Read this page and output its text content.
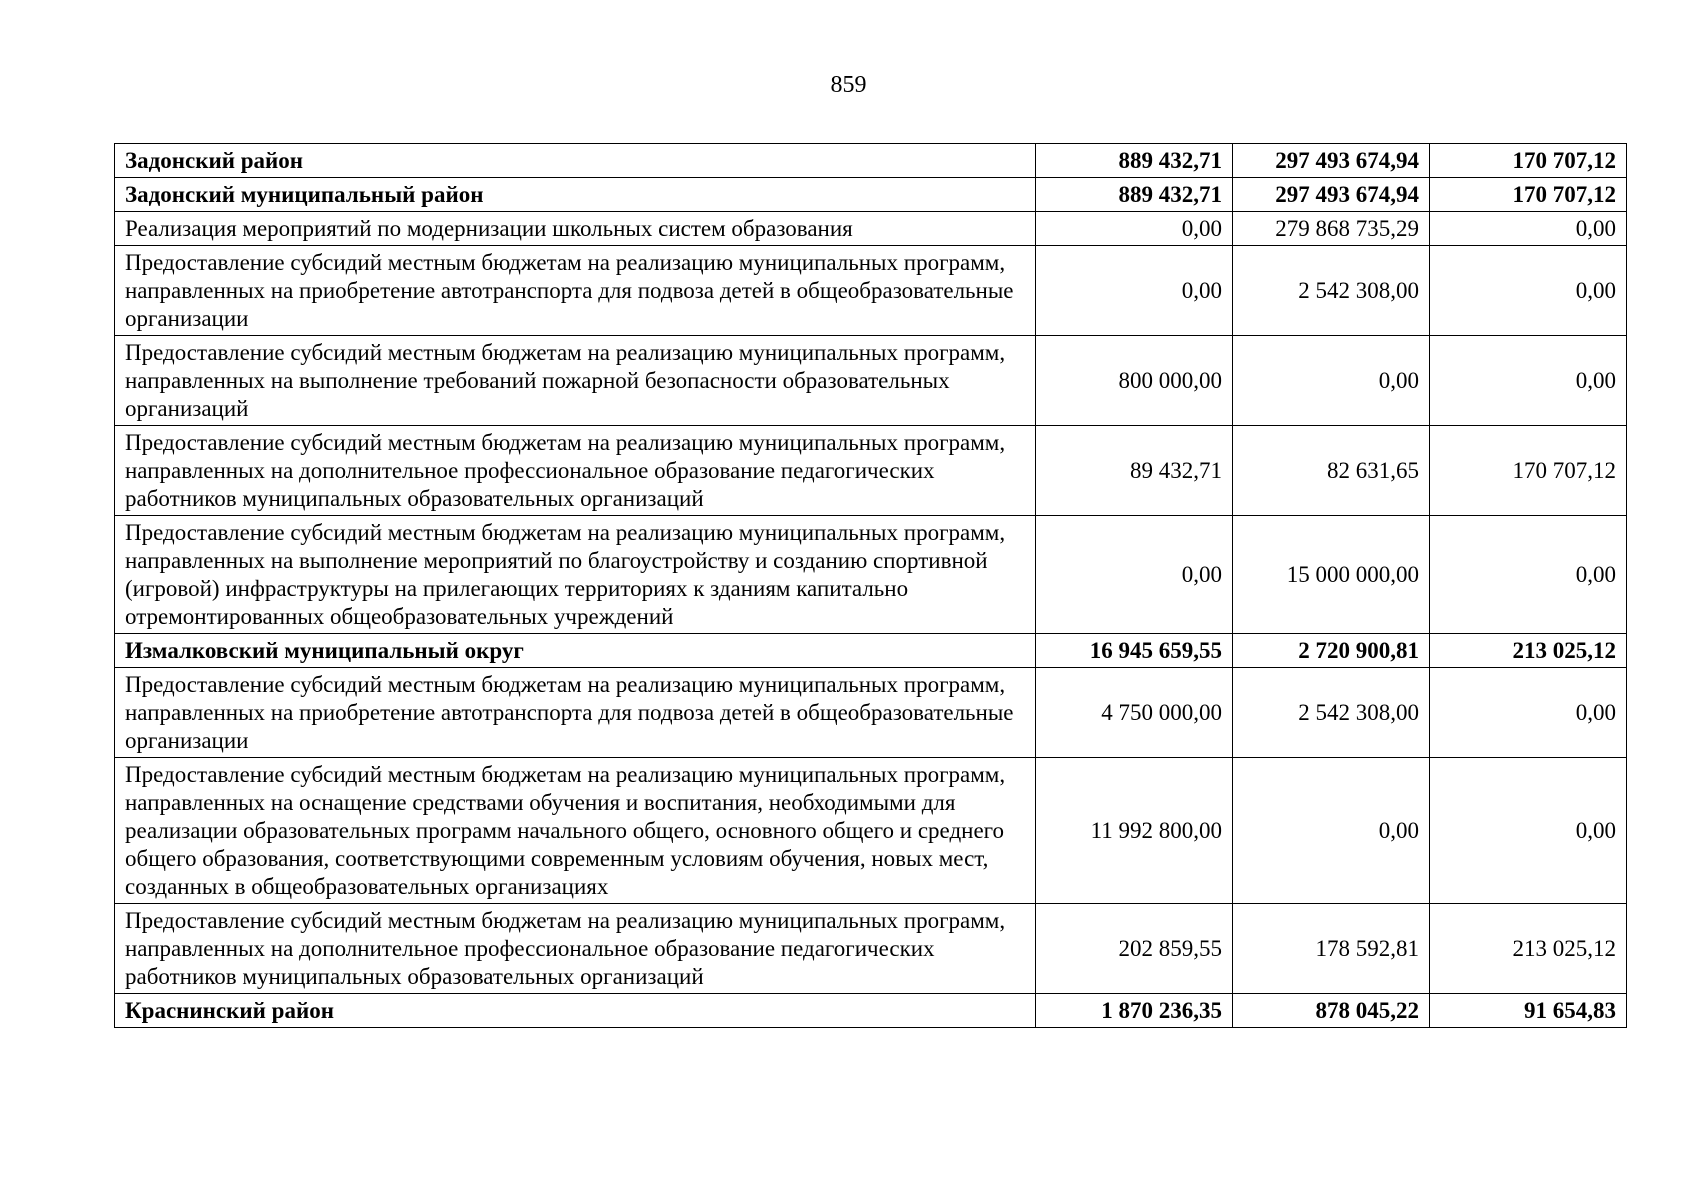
859
Задонский район	889 432,71	297 493 674,94	170 707,12
Задонский муниципальный район	889 432,71	297 493 674,94	170 707,12
Реализация мероприятий по модернизации школьных систем образования	0,00	279 868 735,29	0,00
Предоставление субсидий местным бюджетам на реализацию муниципальных программ, направленных на приобретение автотранспорта для подвоза детей в общеобразовательные организации	0,00	2 542 308,00	0,00
Предоставление субсидий местным бюджетам на реализацию муниципальных программ, направленных на выполнение требований пожарной безопасности образовательных организаций	800 000,00	0,00	0,00
Предоставление субсидий местным бюджетам на реализацию муниципальных программ, направленных на дополнительное профессиональное образование педагогических работников муниципальных образовательных организаций	89 432,71	82 631,65	170 707,12
Предоставление субсидий местным бюджетам на реализацию муниципальных программ, направленных на выполнение мероприятий по благоустройству и созданию спортивной (игровой) инфраструктуры на прилегающих территориях к зданиям капитально отремонтированных общеобразовательных учреждений	0,00	15 000 000,00	0,00
Измалковский муниципальный округ	16 945 659,55	2 720 900,81	213 025,12
Предоставление субсидий местным бюджетам на реализацию муниципальных программ, направленных на приобретение автотранспорта для подвоза детей в общеобразовательные организации	4 750 000,00	2 542 308,00	0,00
Предоставление субсидий местным бюджетам на реализацию муниципальных программ, направленных на оснащение средствами обучения и воспитания, необходимыми для реализации образовательных программ начального общего, основного общего и среднего общего образования, соответствующими современным условиям обучения, новых мест, созданных в общеобразовательных организациях	11 992 800,00	0,00	0,00
Предоставление субсидий местным бюджетам на реализацию муниципальных программ, направленных на дополнительное профессиональное образование педагогических работников муниципальных образовательных организаций	202 859,55	178 592,81	213 025,12
Краснинский район	1 870 236,35	878 045,22	91 654,83
